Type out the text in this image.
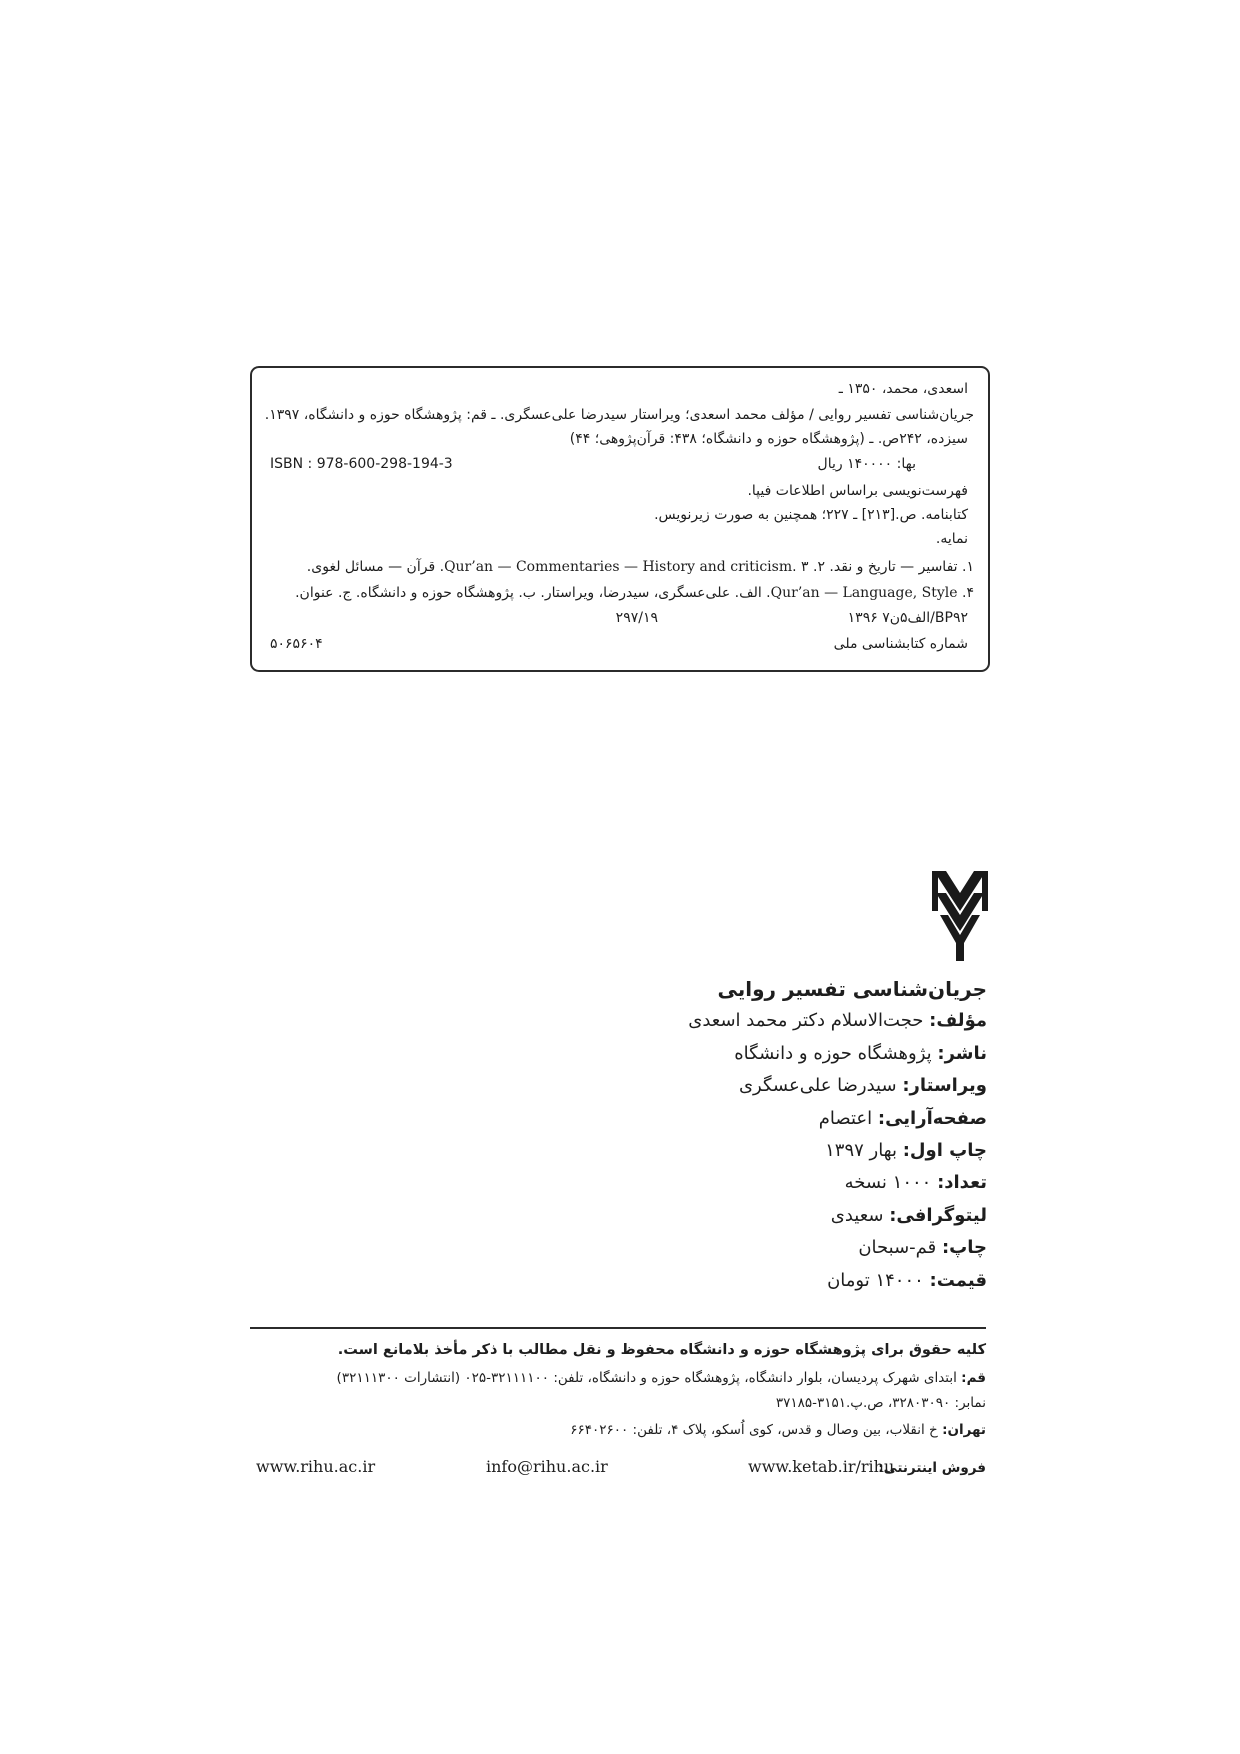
اسعدی، محمد، ۱۳۵۰ ـ
جریان‌شناسی تفسیر روایی / مؤلف محمد اسعدی؛ ویراستار سیدرضا علی‌عسگری. ـ قم: پژوهشگاه حوزه و دانشگاه، ۱۳۹۷.
سیزده، ۲۴۲ص. ـ (پژوهشگاه حوزه و دانشگاه؛ ۴۳۸: قرآن‌پژوهی؛ ۴۴)
بها: ۱۴۰۰۰۰ ریال
ISBN : 978-600-298-194-3
فهرست‌نویسی براساس اطلاعات فیپا.
کتابنامه. ص.[۲۱۳] ـ ۲۲۷؛ همچنین به صورت زیرنویس.
نمایه.
۱. تفاسیر — تاریخ و نقد. ۲. Qur’an — Commentaries — History and criticism. ۳. قرآن — مسائل لغوی.
۴. Qur’an — Language, Style. الف. علی‌عسگری، سیدرضا، ویراستار. ب. پژوهشگاه حوزه و دانشگاه. ج. عنوان.
BP۹۲/الف۵ن۷ ۱۳۹۶
۲۹۷/۱۹
شماره کتابشناسی ملی
۵۰۶۵۶۰۴
جریان‌شناسی تفسیر روایی
مؤلف: حجت‌الاسلام دکتر محمد اسعدی
ناشر: پژوهشگاه حوزه و دانشگاه
ویراستار: سیدرضا علی‌عسگری
صفحه‌آرایی: اعتصام
چاپ اول: بهار ۱۳۹۷
تعداد: ۱۰۰۰ نسخه
لیتوگرافی: سعیدی
چاپ: قم-سبحان
قیمت: ۱۴۰۰۰ تومان
کلیه حقوق برای پژوهشگاه حوزه و دانشگاه محفوظ و نقل مطالب با ذکر مأخذ بلامانع است.
قم: ابتدای شهرک پردیسان، بلوار دانشگاه، پژوهشگاه حوزه و دانشگاه، تلفن: ۳۲۱۱۱۱۰۰-۰۲۵ (انتشارات ۳۲۱۱۱۳۰۰)
نمابر: ۳۲۸۰۳۰۹۰، ص.پ.۳۱۵۱-۳۷۱۸۵
تهران: خ انقلاب، بین وصال و قدس، کوی اُسکو، پلاک ۴، تلفن: ۶۶۴۰۲۶۰۰
فروش اینترنتی:
www.ketab.ir/rihu
info@rihu.ac.ir
www.rihu.ac.ir
